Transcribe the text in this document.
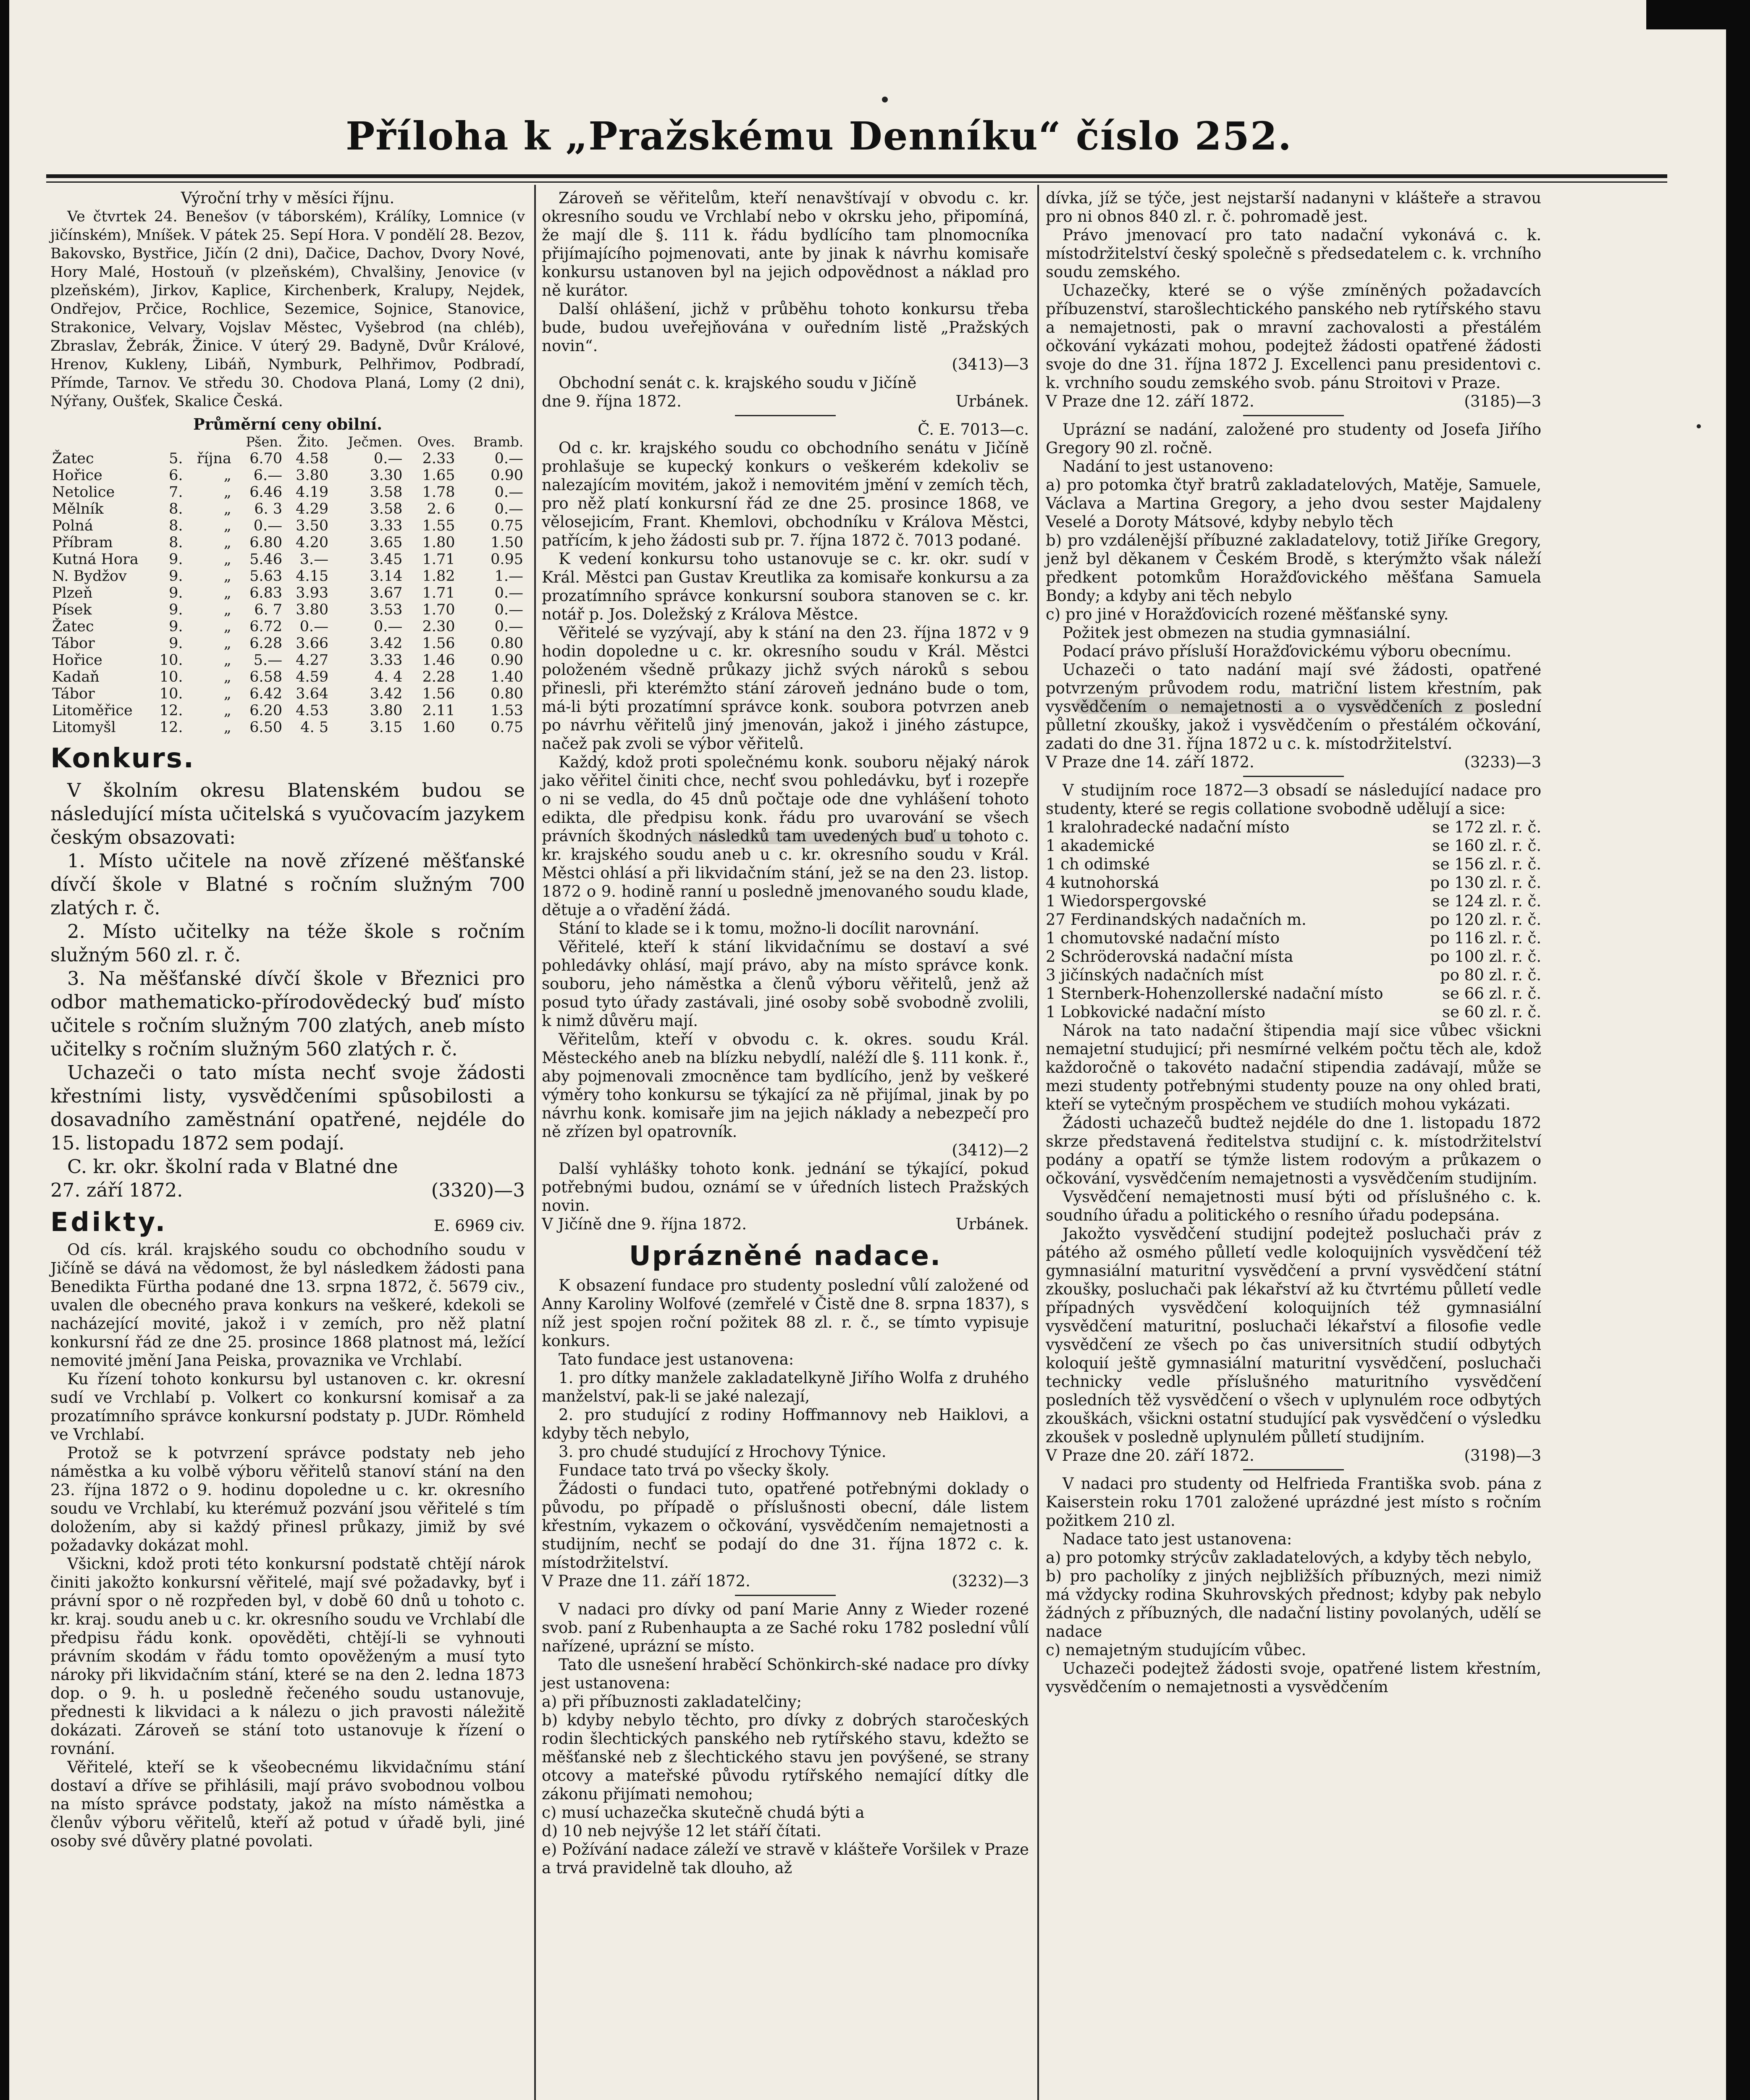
Příloha k „Pražskému Denníku“ číslo 252.

Výroční trhy v měsíci říjnu.

Ve čtvrtek 24. Benešov (v táborském), Králíky, Lomnice (v jičínském), Mníšek. V pátek 25. Sepí Hora. V pondělí 28. Bezov, Bakovsko, Bystřice, Jičín (2 dni), Dačice, Dachov, Dvory Nové, Hory Malé, Hostouň (v plzeňském), Chvalšiny, Jenovice (v plzeňském), Jirkov, Kaplice, Kirchenberk, Kralupy, Nejdek, Ondřejov, Prčice, Rochlice, Sezemice, Sojnice, Stanovice, Strakonice, Velvary, Vojslav Městec, Vyšebrod (na chléb), Zbraslav, Žebrák, Žinice. V úterý 29. Badyně, Dvůr Králové, Hrenov, Kukleny, Libáň, Nymburk, Pelhřimov, Podbradí, Přímde, Tarnov. Ve středu 30. Chodova Planá, Lomy (2 dni), Nýřany, Oušťek, Skalice Česká.

Průměrní ceny obilní.

			Pšen.	Žito.	Ječmen.	Oves.	Bramb.
Žatec	5.	října	6.70	4.58	0.—	2.33	0.—
Hořice	6.	„	6.—	3.80	3.30	1.65	0.90
Netolice	7.	„	6.46	4.19	3.58	1.78	0.—
Mělník	8.	„	6. 3	4.29	3.58	2. 6	0.—
Polná	8.	„	0.—	3.50	3.33	1.55	0.75
Příbram	8.	„	6.80	4.20	3.65	1.80	1.50
Kutná Hora	9.	„	5.46	3.—	3.45	1.71	0.95
N. Bydžov	9.	„	5.63	4.15	3.14	1.82	1.—
Plzeň	9.	„	6.83	3.93	3.67	1.71	0.—
Písek	9.	„	6. 7	3.80	3.53	1.70	0.—
Žatec	9.	„	6.72	0.—	0.—	2.30	0.—
Tábor	9.	„	6.28	3.66	3.42	1.56	0.80
Hořice	10.	„	5.—	4.27	3.33	1.46	0.90
Kadaň	10.	„	6.58	4.59	4. 4	2.28	1.40
Tábor	10.	„	6.42	3.64	3.42	1.56	0.80
Litoměřice	12.	„	6.20	4.53	3.80	2.11	1.53
Litomyšl	12.	„	6.50	4. 5	3.15	1.60	0.75
Konkurs.

V školním okresu Blatenském budou se následující místa učitelská s vyučovacím jazykem českým obsazovati:

1. Místo učitele na nově zřízené měšťanské dívčí škole v Blatné s ročním služným 700 zlatých r. č.

2. Místo učitelky na téže škole s ročním služným 560 zl. r. č.

3. Na měšťanské dívčí škole v Březnici pro odbor mathematicko-přírodovědecký buď místo učitele s ročním služným 700 zlatých, aneb místo učitelky s ročním služným 560 zlatých r. č.

Uchazeči o tato místa nechť svoje žádosti křestními listy, vysvědčeními spůsobilosti a dosavadního zaměstnání opatřené, nejdéle do 15. listopadu 1872 sem podají.

C. kr. okr. školní rada v Blatné dne

27. září 1872.	(3320)—3
Edikty.	E. 6969 civ.

Od cís. král. krajského soudu co obchodního soudu v Jičíně se dává na vědomost, že byl následkem žádosti pana Benedikta Fürtha podané dne 13. srpna 1872, č. 5679 civ., uvalen dle obecného prava konkurs na veškeré, kdekoli se nacházející movité, jakož i v zemích, pro něž platní konkursní řád ze dne 25. prosince 1868 platnost má, ležící nemovité jmění Jana Peiska, provaznika ve Vrchlabí.

Ku řízení tohoto konkursu byl ustanoven c. kr. okresní sudí ve Vrchlabí p. Volkert co konkursní komisař a za prozatímního správce konkursní podstaty p. JUDr. Römheld ve Vrchlabí.

Protož se k potvrzení správce podstaty neb jeho náměstka a ku volbě výboru věřitelů stanoví stání na den 23. října 1872 o 9. hodinu dopoledne u c. kr. okresního soudu ve Vrchlabí, ku kterémuž pozvání jsou věřitelé s tím doložením, aby si každý přinesl průkazy, jimiž by své požadavky dokázat mohl.

Všickni, kdož proti této konkursní podstatě chtějí nárok činiti jakožto konkursní věřitelé, mají své požadavky, byť i právní spor o ně rozpředen byl, v době 60 dnů u tohoto c. kr. kraj. soudu aneb u c. kr. okresního soudu ve Vrchlabí dle předpisu řádu konk. opověděti, chtějí-li se vyhnouti právním skodám v řádu tomto opověženým a musí tyto nároky při likvidačním stání, které se na den 2. ledna 1873 dop. o 9. h. u posledně řečeného soudu ustanovuje, přednesti k likvidaci a k nálezu o jich pravosti náležitě dokázati. Zároveň se stání toto ustanovuje k řízení o rovnání.

Věřitelé, kteří se k všeobecnému likvidačnímu stání dostaví a dříve se přihlásili, mají právo svobodnou volbou na místo správce podstaty, jakož na místo náměstka a členův výboru věřitelů, kteří až potud v úřadě byli, jiné osoby své důvěry platné povolati.

Zároveň se věřitelům, kteří nenavštívají v obvodu c. kr. okresního soudu ve Vrchlabí nebo v okrsku jeho, připomíná, že mají dle §. 111 k. řádu bydlícího tam plnomocníka přijímajícího pojmenovati, ante by jinak k návrhu komisaře konkursu ustanoven byl na jejich odpovědnost a náklad pro ně kurátor.

Další ohlášení, jichž v průběhu tohoto konkursu třeba bude, budou uveřejňována v ouředním listě „Pražských novin“.

(3413)—3

Obchodní senát c. k. krajského soudu v Jičíně

dne 9. října 1872.	Urbánek.

Č. E. 7013—c.

Od c. kr. krajského soudu co obchodního senátu v Jičíně prohlašuje se kupecký konkurs o veškerém kdekoliv se nalezajícím movitém, jakož i nemovitém jmění v zemích těch, pro něž platí konkursní řád ze dne 25. prosince 1868, ve vělosejicím, Frant. Khemlovi, obchodníku v Králova Městci, patřícím, k jeho žádosti sub pr. 7. října 1872 č. 7013 podané.

K vedení konkursu toho ustanovuje se c. kr. okr. sudí v Král. Městci pan Gustav Kreutlika za komisaře konkursu a za prozatímního správce konkursní soubora stanoven se c. kr. notář p. Jos. Doležský z Králova Městce.

Věřitelé se vyzývají, aby k stání na den 23. října 1872 v 9 hodin dopoledne u c. kr. okresního soudu v Král. Městci položeném všedně průkazy jichž svých nároků s sebou přinesli, při kterémžto stání zároveň jednáno bude o tom, má-li býti prozatímní správce konk. soubora potvrzen aneb po návrhu věřitelů jiný jmenován, jakož i jiného zástupce, načež pak zvoli se výbor věřitelů.

Každý, kdož proti společnému konk. souboru nějaký nárok jako věřitel činiti chce, nechť svou pohledávku, byť i rozepře o ni se vedla, do 45 dnů počtaje ode dne vyhlášení tohoto edikta, dle předpisu konk. řádu pro uvarování se všech právních škodných následků tam uvedených buď u tohoto c. kr. krajského soudu aneb u c. kr. okresního soudu v Král. Městci ohlásí a při likvidačním stání, jež se na den 23. listop. 1872 o 9. hodině ranní u posledně jmenovaného soudu klade, dětuje a o vřadění žádá.

Stání to klade se i k tomu, možno-li docílit narovnání.

Věřitelé, kteří k stání likvidačnímu se dostaví a své pohledávky ohlásí, mají právo, aby na místo správce konk. souboru, jeho náměstka a členů výboru věřitelů, jenž až posud tyto úřady zastávali, jiné osoby sobě svobodně zvolili, k nimž důvěru mají.

Věřitelům, kteří v obvodu c. k. okres. soudu Král. Městeckého aneb na blízku nebydlí, naléží dle §. 111 konk. ř., aby pojmenovali zmocněnce tam bydlícího, jenž by veškeré výměry toho konkursu se týkající za ně přijímal, jinak by po návrhu konk. komisaře jim na jejich náklady a nebezpečí pro ně zřízen byl opatrovník.

(3412)—2

Další vyhlášky tohoto konk. jednání se týkající, pokud potřebnými budou, oznámí se v úředních listech Pražských novin.

V Jičíně dne 9. října 1872.	Urbánek.
Uprázněné nadace.

K obsazení fundace pro studenty poslední vůlí založené od Anny Karoliny Wolfové (zemřelé v Čistě dne 8. srpna 1837), s níž jest spojen roční požitek 88 zl. r. č., se tímto vypisuje konkurs.

Tato fundace jest ustanovena:

1. pro dítky manžele zakladatelkyně Jiřího Wolfa z druhého manželství, pak-li se jaké nalezají,

2. pro studující z rodiny Hoffmannovy neb Haiklovi, a kdyby těch nebylo,

3. pro chudé studující z Hrochovy Týnice.

Fundace tato trvá po všecky školy.

Žádosti o fundaci tuto, opatřené potřebnými doklady o původu, po případě o příslušnosti obecní, dále listem křestním, vykazem o očkování, vysvědčením nemajetnosti a studijním, nechť se podají do dne 31. října 1872 c. k. místodržitelství.

V Praze dne 11. září 1872.	(3232)—3

V nadaci pro dívky od paní Marie Anny z Wieder rozené svob. paní z Rubenhaupta a ze Saché roku 1782 poslední vůlí nařízené, uprázní se místo.

Tato dle usnešení hraběcí Schönkirch-ské nadace pro dívky jest ustanovena:

a) při příbuznosti zakladatelčiny;

b) kdyby nebylo těchto, pro dívky z dobrých staročeských rodin šlechtických panského neb rytířského stavu, kdežto se měšťanské neb z šlechtického stavu jen povýšené, se strany otcovy a mateřské původu rytířského nemající dítky dle zákonu přijímati nemohou;

c) musí uchazečka skutečně chudá býti a

d) 10 neb nejvýše 12 let stáří čítati.

e) Požívání nadace záleží ve stravě v klášteře Voršilek v Praze a trvá pravidelně tak dlouho, až

dívka, jíž se týče, jest nejstarší nadanyni v klášteře a stravou pro ni obnos 840 zl. r. č. pohromadě jest.

Právo jmenovací pro tato nadační vykonává c. k. místodržitelství český společně s předsedatelem c. k. vrchního soudu zemského.

Uchazečky, které se o výše zmíněných požadavcích příbuzenství, starošlechtického panského neb rytířského stavu a nemajetnosti, pak o mravní zachovalosti a přestálém očkování vykázati mohou, podejtež žádosti opatřené žádosti svoje do dne 31. října 1872 J. Excellenci panu presidentovi c. k. vrchního soudu zemského svob. pánu Stroitovi v Praze.

V Praze dne 12. září 1872.	(3185)—3

Uprázní se nadání, založené pro studenty od Josefa Jiřího Gregory 90 zl. ročně.

Nadání to jest ustanoveno:

a) pro potomka čtyř bratrů zakladatelových, Matěje, Samuele, Václava a Martina Gregory, a jeho dvou sester Majdaleny Veselé a Doroty Mátsové, kdyby nebylo těch

b) pro vzdálenější příbuzné zakladatelovy, totiž Jiříke Gregory, jenž byl děkanem v Českém Brodě, s kterýmžto však náleží předkent potomkům Horažďovického měšťana Samuela Bondy; a kdyby ani těch nebylo

c) pro jiné v Horažďovicích rozené měšťanské syny.

Požitek jest obmezen na studia gymnasiální.

Podací právo přísluší Horažďovickému výboru obecnímu.

Uchazeči o tato nadání mají své žádosti, opatřené potvrzeným průvodem rodu, matriční listem křestním, pak vysvědčením o nemajetnosti a o vysvědčeních z poslední půlletní zkoušky, jakož i vysvědčením o přestálém očkování, zadati do dne 31. října 1872 u c. k. místodržitelství.

V Praze dne 14. září 1872.	(3233)—3

V studijním roce 1872—3 obsadí se následující nadace pro studenty, které se regis collatione svobodně udělují a sice:

1 kralohradecké nadační místo	se 172 zl. r. č.
1 akademické	se 160 zl. r. č.
1 ch odimské	se 156 zl. r. č.
4 kutnohorská	po 130 zl. r. č.
1 Wiedorspergovské	se 124 zl. r. č.
27 Ferdinandských nadačních m.	po 120 zl. r. č.
1 chomutovské nadační místo	po 116 zl. r. č.
2 Schröderovská nadační místa	po 100 zl. r. č.
3 jičínských nadačních míst	po 80 zl. r. č.
1 Sternberk-Hohenzollerské nadační místo	se 66 zl. r. č.
1 Lobkovické nadační místo	se 60 zl. r. č.

Nárok na tato nadační štipendia mají sice vůbec všickni nemajetní studujicí; při nesmírné velkém počtu těch ale, kdož každoročně o takovéto nadační stipendia zadávají, může se mezi studenty potřebnými studenty pouze na ony ohled brati, kteří se vytečným prospěchem ve studiích mohou vykázati.

Žádosti uchazečů budtež nejdéle do dne 1. listopadu 1872 skrze představená ředitelstva studijní c. k. místodržitelství podány a opatří se týmže listem rodovým a průkazem o očkování, vysvědčením nemajetnosti a vysvědčením studijním.

Vysvědčení nemajetnosti musí býti od příslušného c. k. soudního úřadu a politického o resního úřadu podepsána.

Jakožto vysvědčení studijní podejtež posluchači práv z pátého až osmého půlletí vedle koloquijních vysvědčení též gymnasiální maturitní vysvědčení a první vysvědčení státní zkoušky, posluchači pak lékařství až ku čtvrtému půlletí vedle případných vysvědčení koloquijních též gymnasiální vysvědčení maturitní, posluchači lékařství a filosofie vedle vysvědčení ze všech po čas universitních studií odbytých koloquií ještě gymnasiální maturitní vysvědčení, posluchači technicky vedle příslušného maturitního vysvědčení posledních těž vysvědčení o všech v uplynulém roce odbytých zkouškách, všickni ostatní studující pak vysvědčení o výsledku zkoušek v posledně uplynulém půlletí studijním.

V Praze dne 20. září 1872.	(3198)—3

V nadaci pro studenty od Helfrieda Františka svob. pána z Kaiserstein roku 1701 založené uprázdné jest místo s ročním požitkem 210 zl.

Nadace tato jest ustanovena:

a) pro potomky strýcův zakladatelových, a kdyby těch nebylo,

b) pro pacholíky z jiných nejbližších příbuzných, mezi nimiž má vždycky rodina Skuhrovských přednost; kdyby pak nebylo žádných z příbuzných, dle nadační listiny povolaných, udělí se nadace

c) nemajetným studujícím vůbec.

Uchazeči podejtež žádosti svoje, opatřené listem křestním, vysvědčením o nemajetnosti a vysvědčením
